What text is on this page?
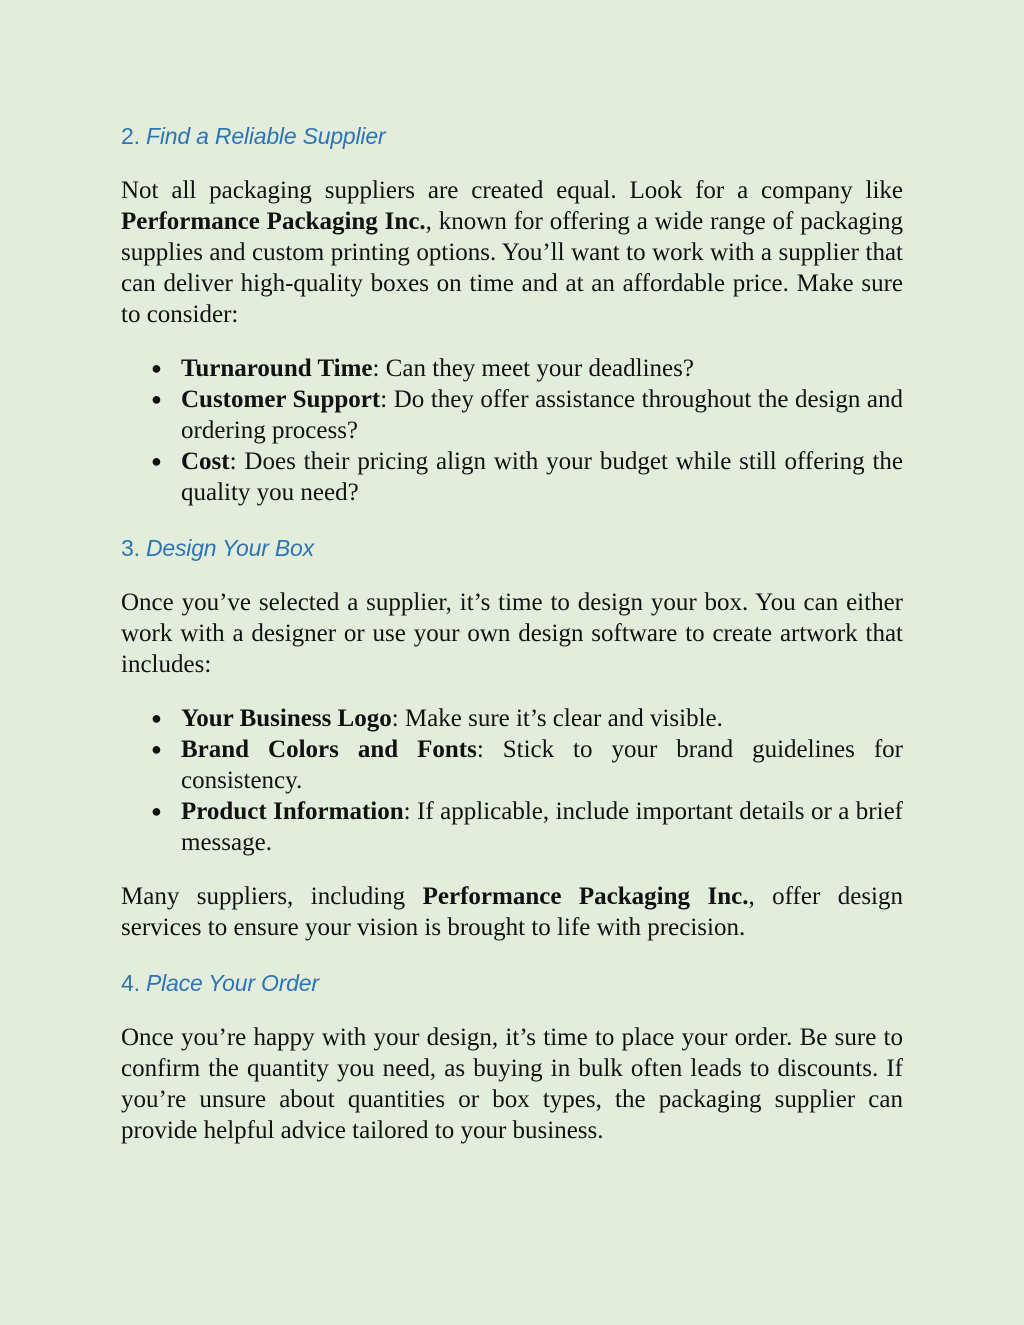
2. Find a Reliable Supplier

Not all packaging suppliers are created equal. Look for a company like Performance Packaging Inc., known for offering a wide range of packaging supplies and custom printing options. You’ll want to work with a supplier that can deliver high-quality boxes on time and at an affordable price. Make sure to consider:

● Turnaround Time: Can they meet your deadlines?
● Customer Support: Do they offer assistance throughout the design and ordering process?
● Cost: Does their pricing align with your budget while still offering the quality you need?
3. Design Your Box

Once you’ve selected a supplier, it’s time to design your box. You can either work with a designer or use your own design software to create artwork that includes:

● Your Business Logo: Make sure it’s clear and visible.
● Brand Colors and Fonts: Stick to your brand guidelines for consistency.
● Product Information: If applicable, include important details or a brief message.

Many suppliers, including Performance Packaging Inc., offer design services to ensure your vision is brought to life with precision.

4. Place Your Order

Once you’re happy with your design, it’s time to place your order. Be sure to confirm the quantity you need, as buying in bulk often leads to discounts. If you’re unsure about quantities or box types, the packaging supplier can provide helpful advice tailored to your business.
